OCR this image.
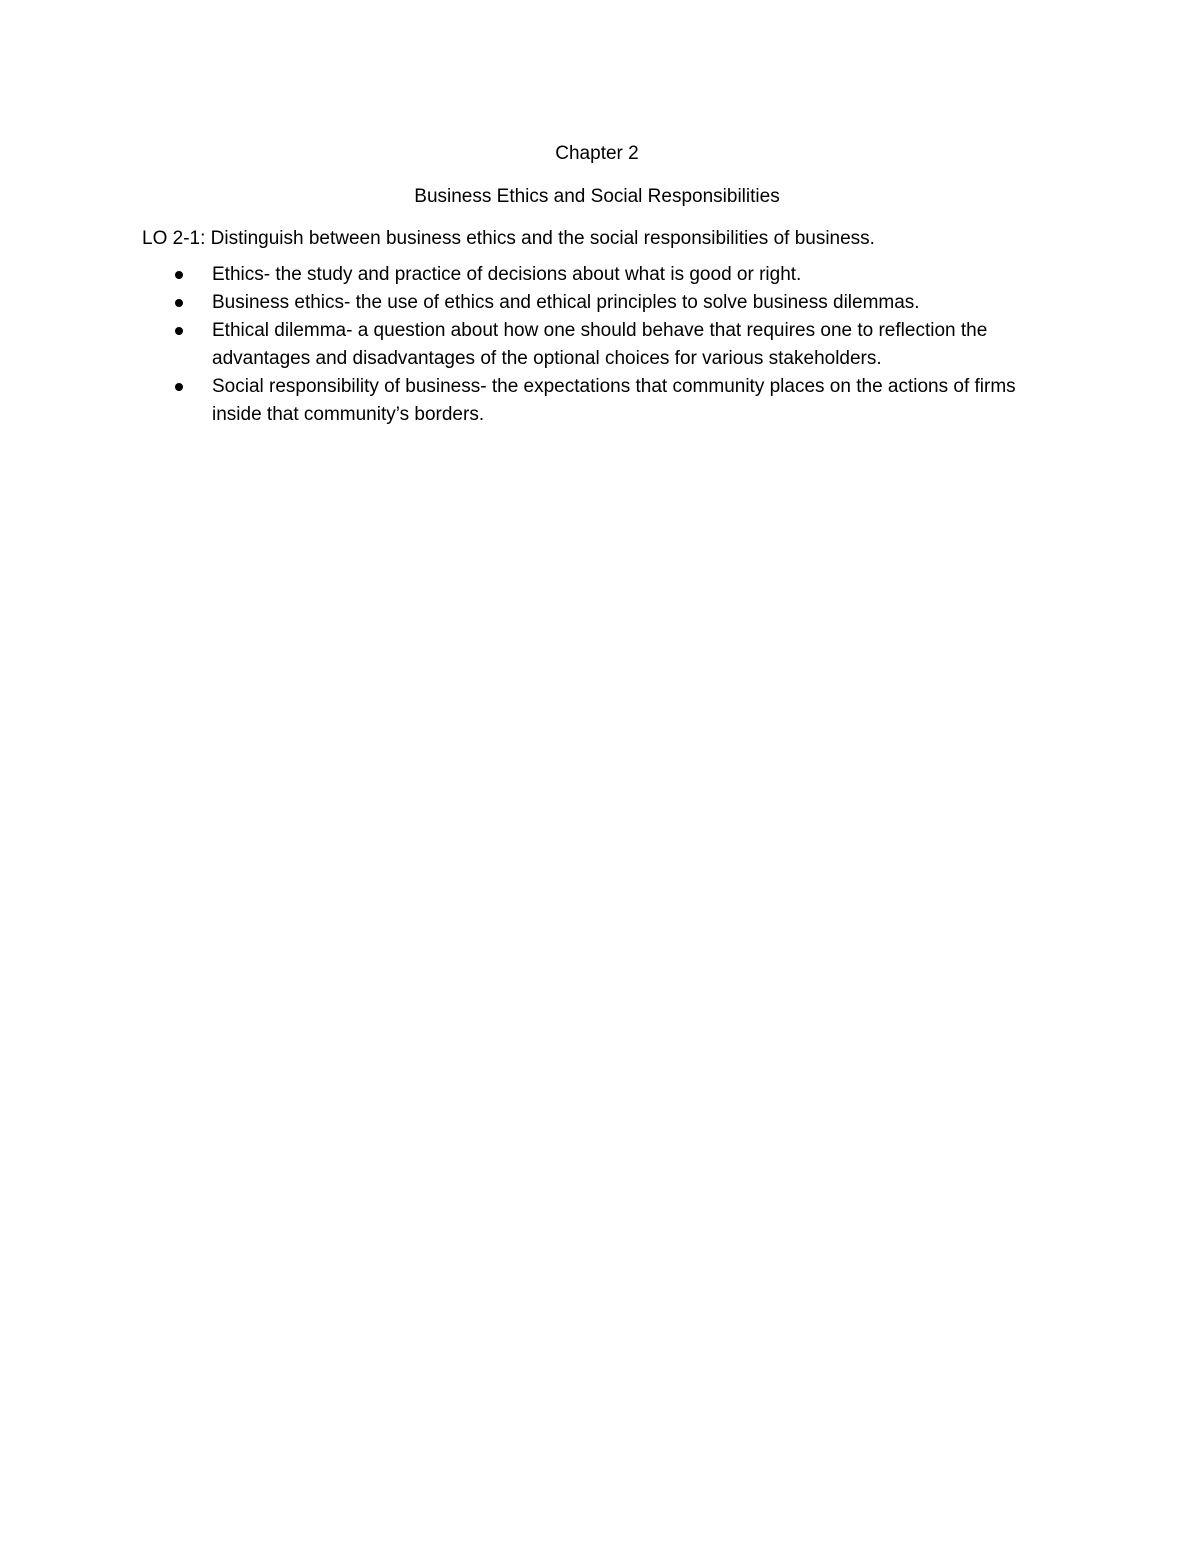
Chapter 2
Business Ethics and Social Responsibilities

LO 2-1: Distinguish between business ethics and the social responsibilities of business.

Ethics- the study and practice of decisions about what is good or right.
Business ethics- the use of ethics and ethical principles to solve business dilemmas.
Ethical dilemma- a question about how one should behave that requires one to reflection the advantages and disadvantages of the optional choices for various stakeholders.
Social responsibility of business- the expectations that community places on the actions of firms inside that community’s borders.
